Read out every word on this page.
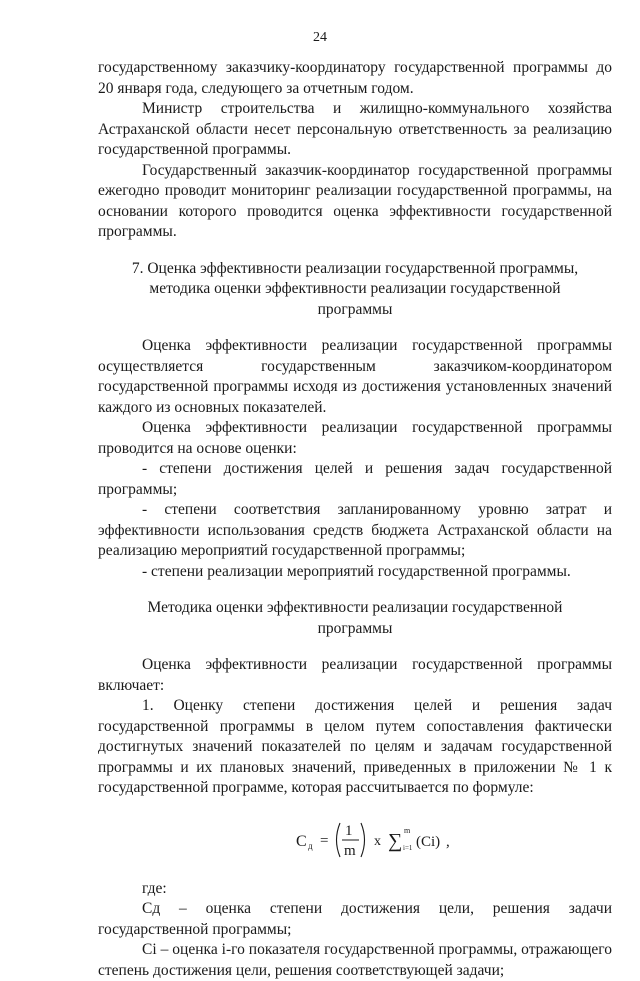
24

государственному заказчику-координатору государственной программы до 20 января года, следующего за отчетным годом.

Министр строительства и жилищно-коммунального хозяйства Астраханской области несет персональную ответственность за реализацию государственной программы.

Государственный заказчик-координатор государственной программы ежегодно проводит мониторинг реализации государственной программы, на основании которого проводится оценка эффективности государственной программы.

7. Оценка эффективности реализации государственной программы, методика оценки эффективности реализации государственной программы

Оценка эффективности реализации государственной программы осуществляется государственным заказчиком-координатором государственной программы исходя из достижения установленных значений каждого из основных показателей.

Оценка эффективности реализации государственной программы проводится на основе оценки:

- степени достижения целей и решения задач государственной программы;

- степени соответствия запланированному уровню затрат и эффективности использования средств бюджета Астраханской области на реализацию мероприятий государственной программы;

- степени реализации мероприятий государственной программы.

Методика оценки эффективности реализации государственной программы

Оценка эффективности реализации государственной программы включает:

1. Оценку степени достижения целей и решения задач государственной программы в целом путем сопоставления фактически достигнутых значений показателей по целям и задачам государственной программы и их плановых значений, приведенных в приложении № 1 к государственной программе, которая рассчитывается по формуле:

C д =
1
m
x ∑ m
i=1 (Ci) ,

где:

Сд – оценка степени достижения цели, решения задачи государственной программы;

Ci – оценка i-го показателя государственной программы, отражающего степень достижения цели, решения соответствующей задачи;
